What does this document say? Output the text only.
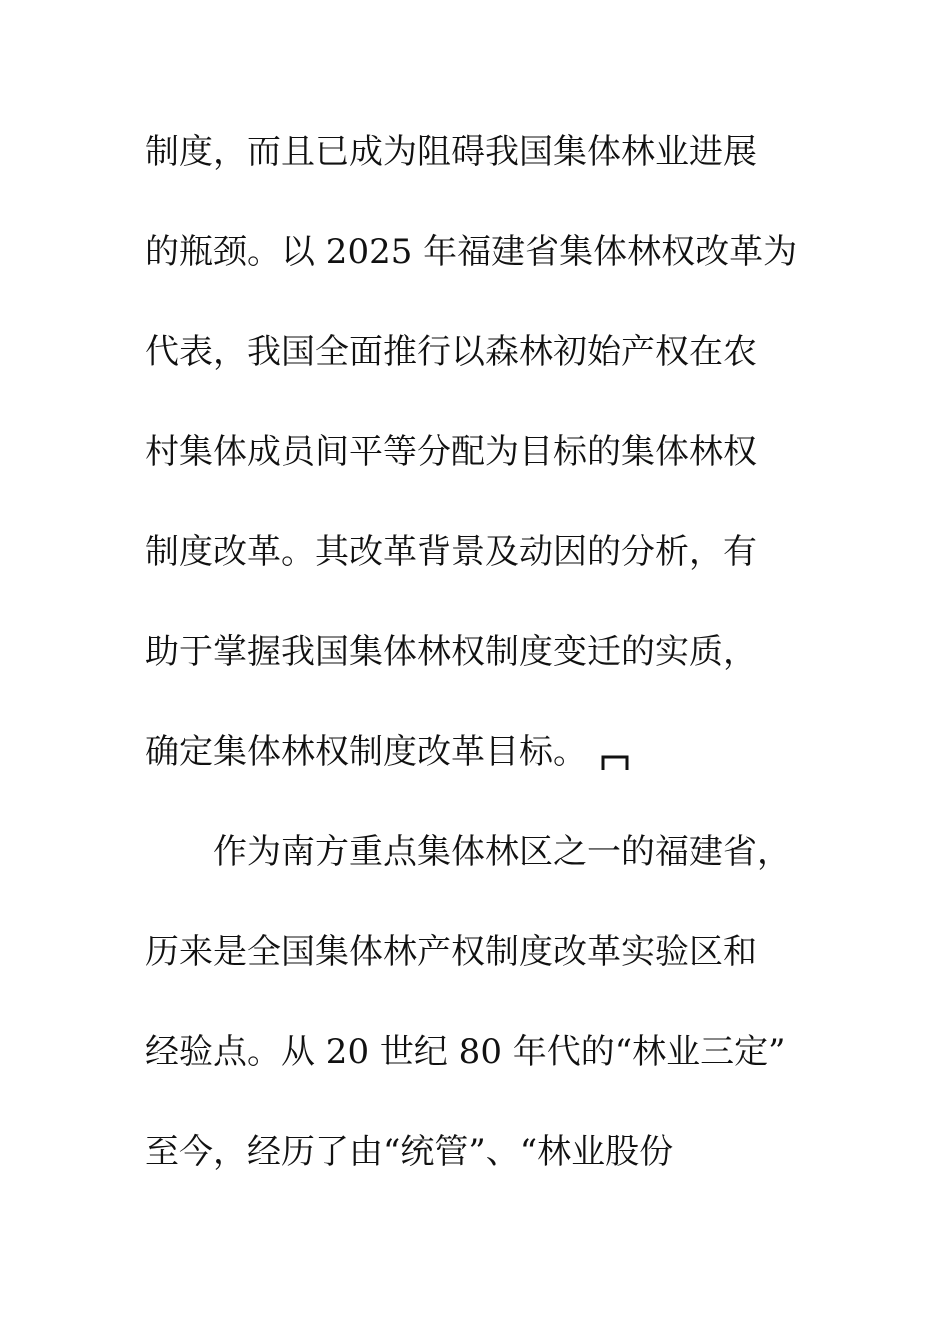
制度，而且已成为阻碍我国集体林业进展
的瓶颈。以 2025 年福建省集体林权改革为
代表，我国全面推行以森林初始产权在农
村集体成员间平等分配为目标的集体林权
制度改革。其改革背景及动因的分析，有
助于掌握我国集体林权制度变迁的实质，
确定集体林权制度改革目标。
作为南方重点集体林区之一的福建省，
历来是全国集体林产权制度改革实验区和
经验点。从 20 世纪 80 年代的“林业三定”
至今，经历了由“统管”、“林业股份
